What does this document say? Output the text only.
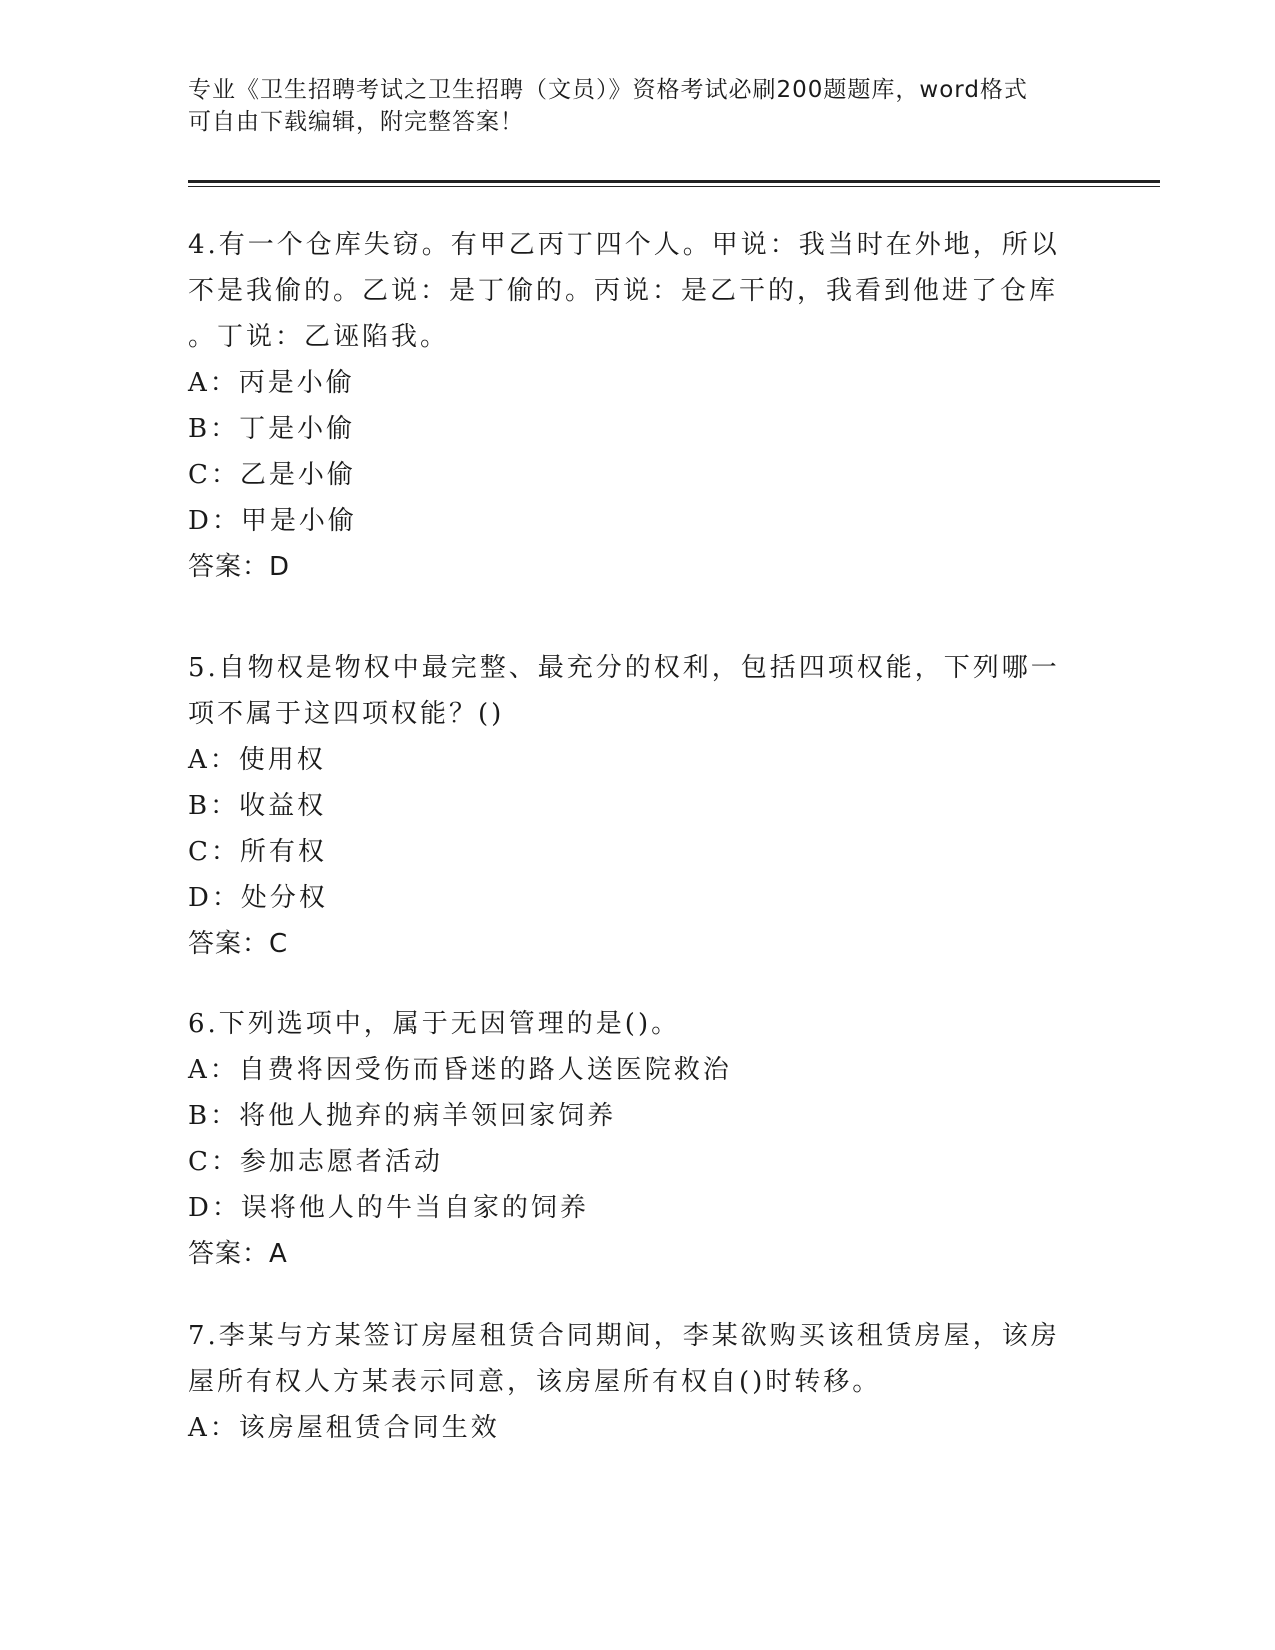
专业《卫生招聘考试之卫生招聘（文员）》资格考试必刷200题题库，word格式
可自由下载编辑，附完整答案！
4.有一个仓库失窃。有甲乙丙丁四个人。甲说：我当时在外地，所以
不是我偷的。乙说：是丁偷的。丙说：是乙干的，我看到他进了仓库
。丁说：乙诬陷我。
A：丙是小偷
B：丁是小偷
C：乙是小偷
D：甲是小偷
答案：D
5.自物权是物权中最完整、最充分的权利，包括四项权能，下列哪一
项不属于这四项权能？()
A：使用权
B：收益权
C：所有权
D：处分权
答案：C
6.下列选项中，属于无因管理的是()。
A：自费将因受伤而昏迷的路人送医院救治
B：将他人抛弃的病羊领回家饲养
C：参加志愿者活动
D：误将他人的牛当自家的饲养
答案：A
7.李某与方某签订房屋租赁合同期间，李某欲购买该租赁房屋，该房
屋所有权人方某表示同意，该房屋所有权自()时转移。
A：该房屋租赁合同生效
